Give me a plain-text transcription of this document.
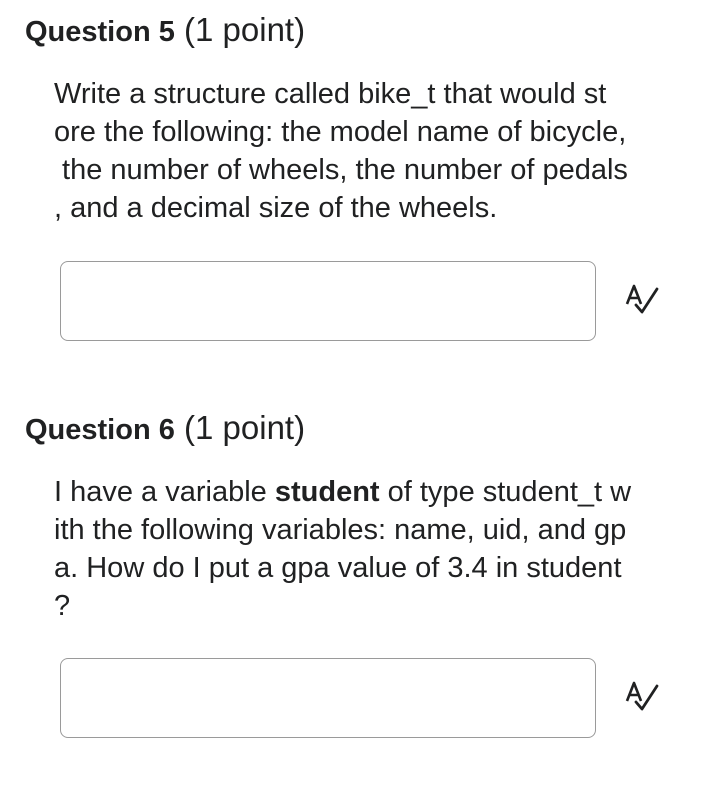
Question 5 (1 point)
Write a structure called bike_t that would st
ore the following: the model name of bicycle,
the number of wheels, the number of pedals
, and a decimal size of the wheels.
Question 6 (1 point)
I have a variable student of type student_t w
ith the following variables: name, uid, and gp
a. How do I put a gpa value of 3.4 in student
?
